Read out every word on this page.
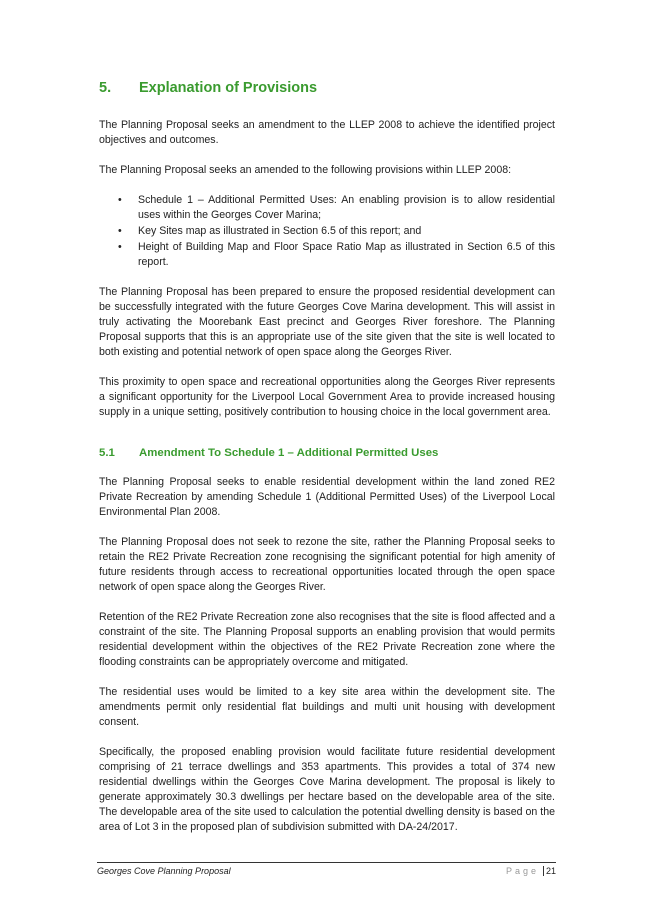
5.	Explanation of Provisions

The Planning Proposal seeks an amendment to the LLEP 2008 to achieve the identified project objectives and outcomes.

The Planning Proposal seeks an amended to the following provisions within LLEP 2008:

• Schedule 1 – Additional Permitted Uses: An enabling provision is to allow residential uses within the Georges Cover Marina;
• Key Sites map as illustrated in Section 6.5 of this report; and
• Height of Building Map and Floor Space Ratio Map as illustrated in Section 6.5 of this report.

The Planning Proposal has been prepared to ensure the proposed residential development can be successfully integrated with the future Georges Cove Marina development. This will assist in truly activating the Moorebank East precinct and Georges River foreshore. The Planning Proposal supports that this is an appropriate use of the site given that the site is well located to both existing and potential network of open space along the Georges River.

This proximity to open space and recreational opportunities along the Georges River represents a significant opportunity for the Liverpool Local Government Area to provide increased housing supply in a unique setting, positively contribution to housing choice in the local government area.

5.1	Amendment To Schedule 1 – Additional Permitted Uses

The Planning Proposal seeks to enable residential development within the land zoned RE2 Private Recreation by amending Schedule 1 (Additional Permitted Uses) of the Liverpool Local Environmental Plan 2008.

The Planning Proposal does not seek to rezone the site, rather the Planning Proposal seeks to retain the RE2 Private Recreation zone recognising the significant potential for high amenity of future residents through access to recreational opportunities located through the open space network of open space along the Georges River.

Retention of the RE2 Private Recreation zone also recognises that the site is flood affected and a constraint of the site. The Planning Proposal supports an enabling provision that would permits residential development within the objectives of the RE2 Private Recreation zone where the flooding constraints can be appropriately overcome and mitigated.

The residential uses would be limited to a key site area within the development site. The amendments permit only residential flat buildings and multi unit housing with development consent.

Specifically, the proposed enabling provision would facilitate future residential development comprising of 21 terrace dwellings and 353 apartments. This provides a total of 374 new residential dwellings within the Georges Cove Marina development. The proposal is likely to generate approximately 30.3 dwellings per hectare based on the developable area of the site. The developable area of the site used to calculation the potential dwelling density is based on the area of Lot 3 in the proposed plan of subdivision submitted with DA-24/2017.

Georges Cove Planning Proposal	Page 21
